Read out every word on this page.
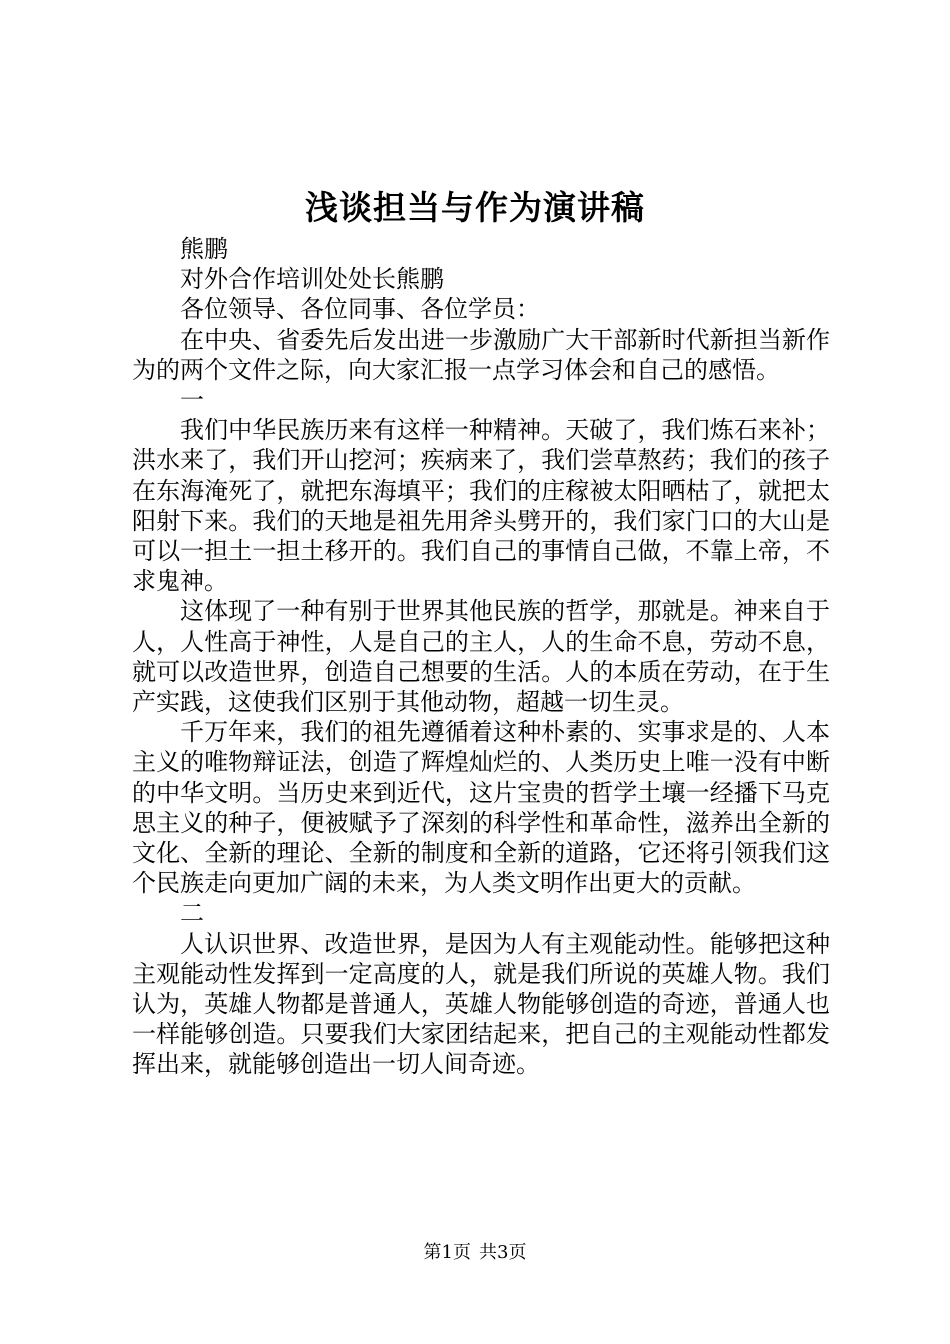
浅谈担当与作为演讲稿

熊鹏

对外合作培训处处长熊鹏

各位领导、各位同事、各位学员：

在中央、省委先后发出进一步激励广大干部新时代新担当新作为的两个文件之际，向大家汇报一点学习体会和自己的感悟。

一

我们中华民族历来有这样一种精神。天破了，我们炼石来补；洪水来了，我们开山挖河；疾病来了，我们尝草熬药；我们的孩子在东海淹死了，就把东海填平；我们的庄稼被太阳晒枯了，就把太阳射下来。我们的天地是祖先用斧头劈开的，我们家门口的大山是可以一担土一担土移开的。我们自己的事情自己做，不靠上帝，不求鬼神。

这体现了一种有别于世界其他民族的哲学，那就是。神来自于人，人性高于神性，人是自己的主人，人的生命不息，劳动不息，就可以改造世界，创造自己想要的生活。人的本质在劳动，在于生产实践，这使我们区别于其他动物，超越一切生灵。

千万年来，我们的祖先遵循着这种朴素的、实事求是的、人本主义的唯物辩证法，创造了辉煌灿烂的、人类历史上唯一没有中断的中华文明。当历史来到近代，这片宝贵的哲学土壤一经播下马克思主义的种子，便被赋予了深刻的科学性和革命性，滋养出全新的文化、全新的理论、全新的制度和全新的道路，它还将引领我们这个民族走向更加广阔的未来，为人类文明作出更大的贡献。

二

人认识世界、改造世界，是因为人有主观能动性。能够把这种主观能动性发挥到一定高度的人，就是我们所说的英雄人物。我们认为，英雄人物都是普通人，英雄人物能够创造的奇迹，普通人也一样能够创造。只要我们大家团结起来，把自己的主观能动性都发挥出来，就能够创造出一切人间奇迹。

第1页 共3页
